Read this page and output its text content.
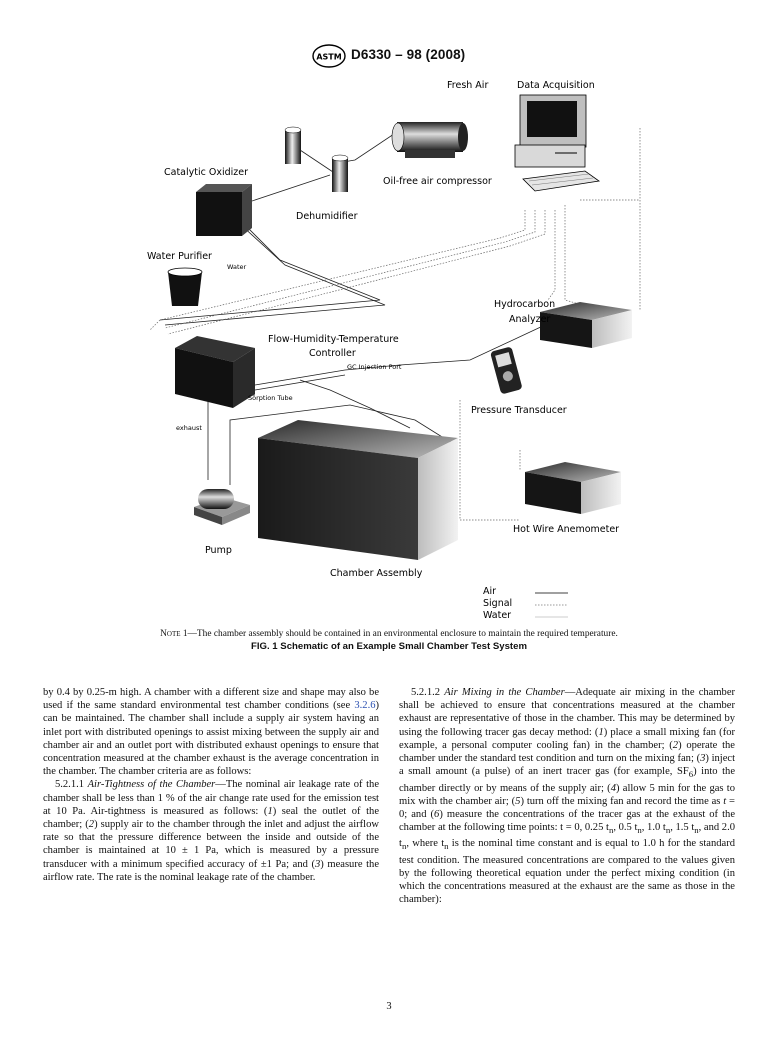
ASTM D6330 – 98 (2008)
Fresh Air	Data Acquisition
Catalytic Oxidizer
Oil-free air compressor
Dehumidifier
Water Purifier
Water
Hydrocarbon
Analyzer
Flow-Humidity-Temperature
Controller
GC Injection Port
Sorption Tube
exhaust
Pressure Transducer
Hot Wire Anemometer
Pump
Chamber Assembly
Air
Signal
Water
Note 1—The chamber assembly should be contained in an environmental enclosure to maintain the required temperature.
FIG. 1 Schematic of an Example Small Chamber Test System

by 0.4 by 0.25-m high. A chamber with a different size and shape may also be used if the same standard environmental test chamber conditions (see 3.2.6) can be maintained. The chamber shall include a supply air system having an inlet port with distributed openings to assist mixing between the supply air and chamber air and an outlet port with distributed exhaust openings to ensure that concentration measured at the chamber exhaust is the average concentration in the chamber. The chamber criteria are as follows:

5.2.1.1 Air-Tightness of the Chamber—The nominal air leakage rate of the chamber shall be less than 1 % of the air change rate used for the emission test at 10 Pa. Air-tightness is measured as follows: (1) seal the outlet of the chamber; (2) supply air to the chamber through the inlet and adjust the airflow rate so that the pressure difference between the inside and outside of the chamber is maintained at 10 ± 1 Pa, which is measured by a pressure transducer with a minimum specified accuracy of ±1 Pa; and (3) measure the airflow rate. The rate is the nominal leakage rate of the chamber.

5.2.1.2 Air Mixing in the Chamber—Adequate air mixing in the chamber shall be achieved to ensure that concentrations measured at the chamber exhaust are representative of those in the chamber. This may be determined by using the following tracer gas decay method: (1) place a small mixing fan (for example, a personal computer cooling fan) in the chamber; (2) operate the chamber under the standard test condition and turn on the mixing fan; (3) inject a small amount (a pulse) of an inert tracer gas (for example, $SF_6$) into the chamber directly or by means of the supply air; (4) allow 5 min for the gas to mix with the chamber air; (5) turn off the mixing fan and record the time as t = 0; and (6) measure the concentrations of the tracer gas at the exhaust of the chamber at the following time points: t = 0, 0.25 $t_n$, 0.5 $t_n$, 1.0 $t_n$, 1.5 $t_n$, and 2.0 $t_n$, where $t_n$ is the nominal time constant and is equal to 1.0 h for the standard test condition. The measured concentrations are compared to the values given by the following theoretical equation under the perfect mixing condition (in which the concentrations measured at the exhaust are the same as those in the chamber):

3
